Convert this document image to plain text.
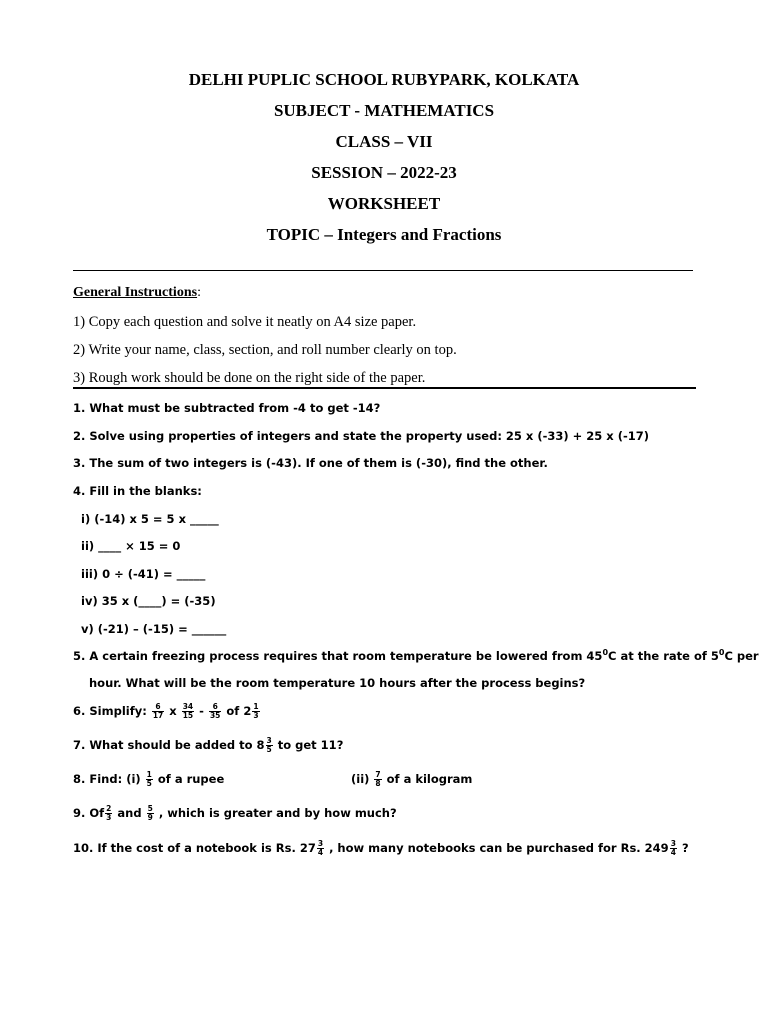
DELHI PUPLIC SCHOOL RUBYPARK, KOLKATA
SUBJECT - MATHEMATICS
CLASS – VII
SESSION – 2022-23
WORKSHEET
TOPIC – Integers and Fractions
General Instructions:
1) Copy each question and solve it neatly on A4 size paper.
2) Write your name, class, section, and roll number clearly on top.
3) Rough work should be done on the right side of the paper.
1. What must be subtracted from -4 to get -14?
2. Solve using properties of integers and state the property used: 25 x (-33) + 25 x (-17)
3. The sum of two integers is (-43). If one of them is (-30), find the other.
4. Fill in the blanks:
i) (-14) x 5 = 5 x _____
ii) ____ × 15 = 0
iii) 0 ÷ (-41) = _____
iv) 35 x (____) = (-35)
v) (-21) – (-15) = ______
5. A certain freezing process requires that room temperature be lowered from $45^0C$ at the rate of $5^0C$ per
hour. What will be the room temperature 10 hours after the process begins?
6. Simplify: $\frac{6}{17}$ x $\frac{34}{15} - \frac{6}{35}$ of $2 \frac{1}{3}$
7. What should be added to $8 \frac{3}{5}$ to get 11?
8. Find: $(i) \frac{1}{5}$ of a rupee	$(ii) \frac{7}{8}$ of a kilogram
9. Of $\frac{2}{3}$ and $\frac{5}{9}$ , which is greater and by how much?
10. If the cost of a notebook is Rs. $27 \frac{3}{4}$ , how many notebooks can be purchased for Rs. $249 \frac{3}{4}$ ?
